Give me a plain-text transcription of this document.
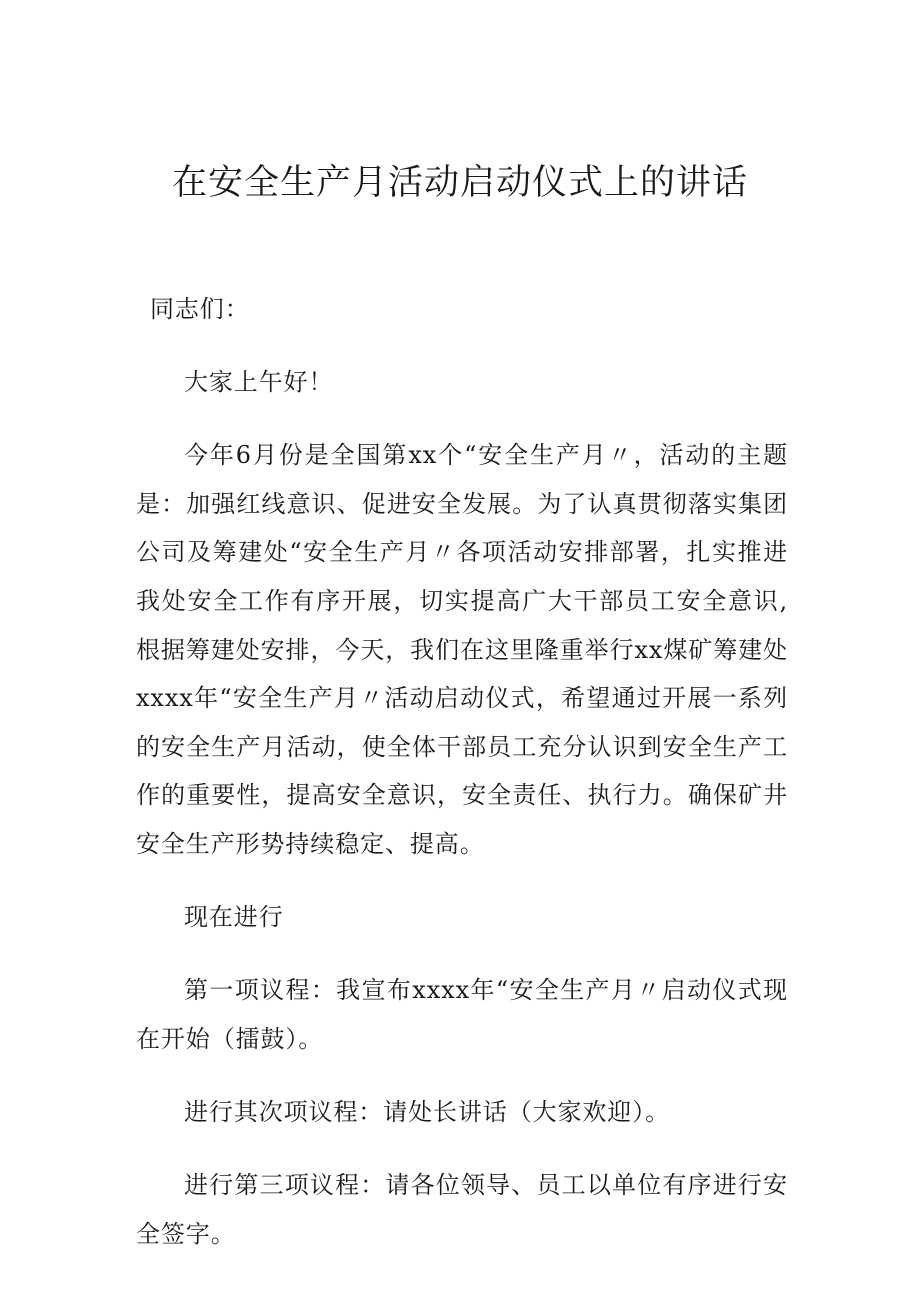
在安全生产月活动启动仪式上的讲话

同志们：

大家上午好！

今年6月份是全国第xx个“安全生产月〃，活动的主题是：加强红线意识、促进安全发展。为了认真贯彻落实集团公司及筹建处“安全生产月〃各项活动安排部署，扎实推进我处安全工作有序开展，切实提高广大干部员工安全意识,根据筹建处安排，今天，我们在这里隆重举行xx煤矿筹建处xxxx年“安全生产月〃活动启动仪式，希望通过开展一系列的安全生产月活动，使全体干部员工充分认识到安全生产工作的重要性，提高安全意识，安全责任、执行力。确保矿井安全生产形势持续稳定、提高。

现在进行

第一项议程：我宣布xxxx年“安全生产月〃启动仪式现在开始（擂鼓）。

进行其次项议程：请处长讲话（大家欢迎）。

进行第三项议程：请各位领导、员工以单位有序进行安全签字。
